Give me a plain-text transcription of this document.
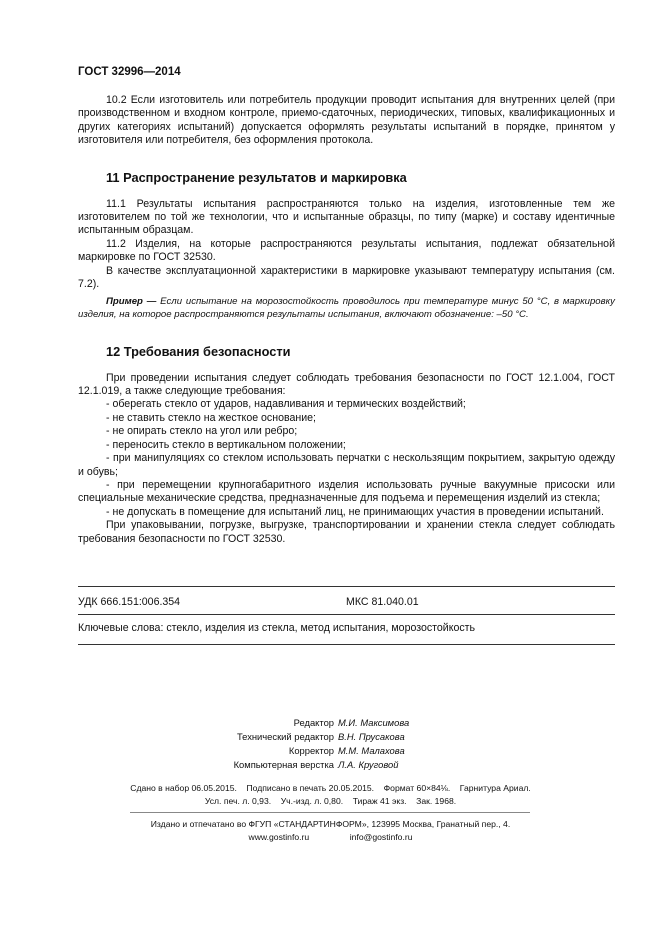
ГОСТ 32996—2014

10.2 Если изготовитель или потребитель продукции проводит испытания для внутренних целей (при производственном и входном контроле, приемо-сдаточных, периодических, типовых, квалификационных и других категориях испытаний) допускается оформлять результаты испытаний в порядке, принятом у изготовителя или потребителя, без оформления протокола.

11 Распространение результатов и маркировка

11.1 Результаты испытания распространяются только на изделия, изготовленные тем же изготовителем по той же технологии, что и испытанные образцы, по типу (марке) и составу идентичные испытанным образцам.

11.2 Изделия, на которые распространяются результаты испытания, подлежат обязательной маркировке по ГОСТ 32530.

В качестве эксплуатационной характеристики в маркировке указывают температуру испытания (см. 7.2).

Пример — Если испытание на морозостойкость проводилось при температуре минус 50 °C, в маркировку изделия, на которое распространяются результаты испытания, включают обозначение: –50 °C.

12 Требования безопасности

При проведении испытания следует соблюдать требования безопасности по ГОСТ 12.1.004, ГОСТ 12.1.019, а также следующие требования:

- оберегать стекло от ударов, надавливания и термических воздействий;
- не ставить стекло на жесткое основание;
- не опирать стекло на угол или ребро;
- переносить стекло в вертикальном положении;
- при манипуляциях со стеклом использовать перчатки с нескользящим покрытием, закрытую одежду и обувь;
- при перемещении крупногабаритного изделия использовать ручные вакуумные присоски или специальные механические средства, предназначенные для подъема и перемещения изделий из стекла;
- не допускать в помещение для испытаний лиц, не принимающих участия в проведении испытаний.

При упаковывании, погрузке, выгрузке, транспортировании и хранении стекла следует соблюдать требования безопасности по ГОСТ 32530.

УДК 666.151:006.354	МКС 81.040.01
Ключевые слова: стекло, изделия из стекла, метод испытания, морозостойкость
Редактор М.И. Максимова
Технический редактор В.Н. Прусакова
Корректор М.М. Малахова
Компьютерная верстка Л.А. Круговой
Сдано в набор 06.05.2015. Подписано в печать 20.05.2015. Формат 60×84⅛. Гарнитура Ариал.
Усл. печ. л. 0,93. Уч.-изд. л. 0,80. Тираж 41 экз. Зак. 1968.
Издано и отпечатано во ФГУП «СТАНДАРТИНФОРМ», 123995 Москва, Гранатный пер., 4.
www.gostinfo.ru	info@gostinfo.ru
